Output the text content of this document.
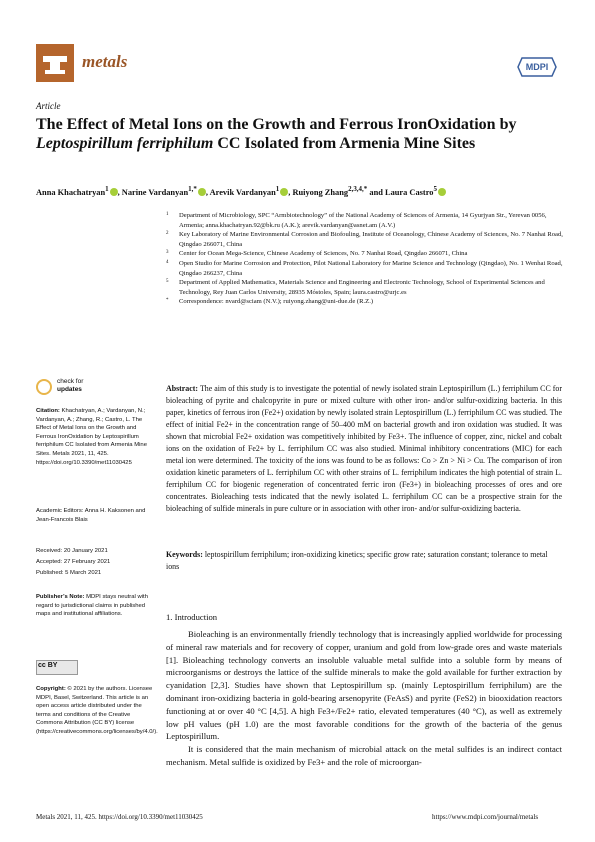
metals	MDPI
Article
The Effect of Metal Ions on the Growth and Ferrous IronOxidation by Leptospirillum ferriphilum CC Isolated from Armenia Mine Sites
Anna Khachatryan$^1$ , Narine Vardanyan$^{1,*}$ , Arevik Vardanyan$^1$ , Ruiyong Zhang$^{2,3,4,*}$ and Laura Castro$^5$
1	Department of Microbiology, SPC “Armbiotechnology” of the National Academy of Sciences of Armenia, 14 Gyurjyan Str., Yerevan 0056, Armenia; anna.khachatryan.92@bk.ru (A.K.); arevik.vardanyan@asnet.am (A.V.)
2	Key Laboratory of Marine Environmental Corrosion and Biofouling, Institute of Oceanology, Chinese Academy of Sciences, No. 7 Nanhai Road, Qingdao 266071, China
3	Center for Ocean Mega-Science, Chinese Academy of Sciences, No. 7 Nanhai Road, Qingdao 266071, China
4	Open Studio for Marine Corrosion and Protection, Pilot National Laboratory for Marine Science and Technology (Qingdao), No. 1 Wenhai Road, Qingdao 266237, China
5	Department of Applied Mathematics, Materials Science and Engineering and Electronic Technology, School of Experimental Sciences and Technology, Rey Juan Carlos University, 28935 Móstoles, Spain; laura.castro@urjc.es
*	Correspondence: nvard@sciam (N.V.); ruiyong.zhang@uni-due.de (R.Z.)
check for
updates
Citation: Khachatryan, A.; Vardanyan, N.; Vardanyan, A.; Zhang, R.; Castro, L. The Effect of Metal Ions on the Growth and Ferrous IronOxidation by Leptospirillum ferriphilum CC Isolated from Armenia Mine Sites. Metals 2021, 11, 425. https://doi.org/10.3390/met11030425
Academic Editors: Anna H. Kaksonen and Jean-Francois Blais
Received: 20 January 2021
Accepted: 27 February 2021
Published: 5 March 2021
Publisher’s Note: MDPI stays neutral with regard to jurisdictional claims in published maps and institutional affiliations.
cc BY
Copyright: © 2021 by the authors. Licensee MDPI, Basel, Switzerland. This article is an open access article distributed under the terms and conditions of the Creative Commons Attribution (CC BY) license (https://creativecommons.org/licenses/by/4.0/).
Abstract: The aim of this study is to investigate the potential of newly isolated strain Leptospirillum (L.) ferriphilum CC for bioleaching of pyrite and chalcopyrite in pure or mixed culture with other iron- and/or sulfur-oxidizing bacteria. In this paper, kinetics of ferrous iron (Fe2+) oxidation by newly isolated strain Leptospirillum (L.) ferriphilum CC was studied. The effect of initial Fe2+ in the concentration range of 50–400 mM on bacterial growth and iron oxidation was studied. It was shown that microbial Fe2+ oxidation was competitively inhibited by Fe3+. The influence of copper, zinc, nickel and cobalt ions on the oxidation of Fe2+ by L. ferriphilum CC was also studied. Minimal inhibitory concentrations (MIC) for each metal ion were determined. The toxicity of the ions was found to be as follows: Co > Zn > Ni > Cu. The comparison of iron oxidation kinetic parameters of L. ferriphilum CC with other strains of L. ferriphilum indicates the high potential of strain L. ferriphilum CC for biogenic regeneration of concentrated ferric iron (Fe3+) in bioleaching processes of ores and ore concentrates. Bioleaching tests indicated that the newly isolated L. ferriphilum CC can be a prospective strain for the bioleaching of sulfide minerals in pure culture or in association with other iron- and/or sulfur-oxidizing bacteria.
Keywords: leptospirillum ferriphilum; iron-oxidizing kinetics; specific grow rate; saturation constant; tolerance to metal ions
1. Introduction

Bioleaching is an environmentally friendly technology that is increasingly applied worldwide for processing of mineral raw materials and for recovery of copper, uranium and gold from low-grade ores and waste materials [1]. Bioleaching technology converts an insoluble valuable metal sulfide into a soluble form by means of microorganisms or destroys the lattice of the sulfide minerals to make the gold available for further extraction by cyanidation [2,3]. Studies have shown that Leptospirillum sp. (mainly Leptospirillum ferriphilum) are the dominant iron-oxidizing bacteria in gold-bearing arsenopyrite (FeAsS) and pyrite (FeS2) in biooxidation reactors functioning at or over 40 °C [4,5]. A high Fe3+/Fe2+ ratio, elevated temperatures (40 °C), as well as extremely low pH values (pH 1.0) are the most favorable conditions for the growth of the bacteria of the genus Leptospirillum.

It is considered that the main mechanism of microbial attack on the metal sulfides is an indirect contact mechanism. Metal sulfide is oxidized by Fe3+ and the role of microorgan-

Metals 2021, 11, 425. https://doi.org/10.3390/met11030425	https://www.mdpi.com/journal/metals
